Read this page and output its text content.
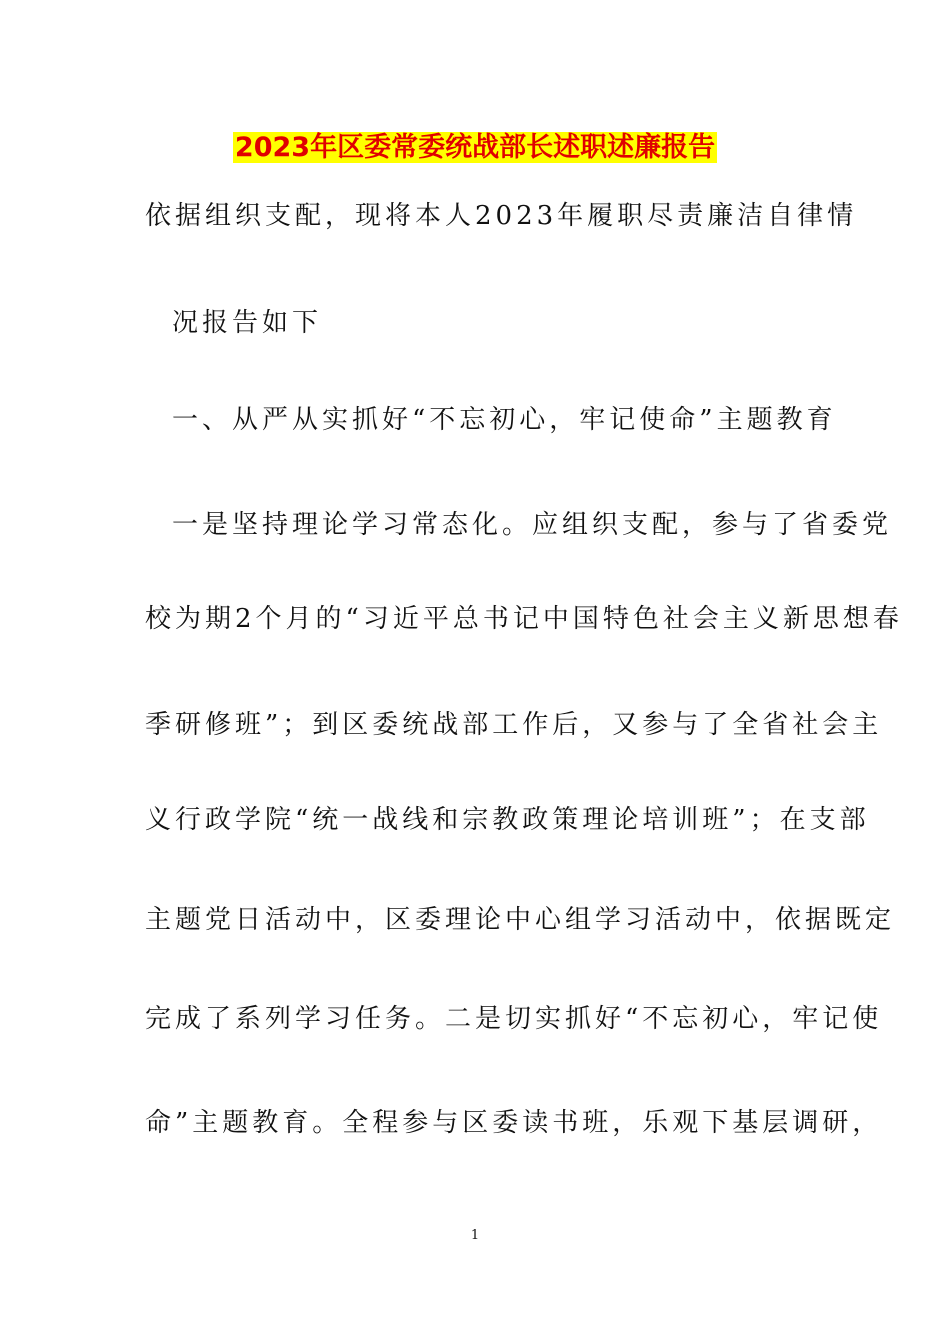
2023年区委常委统战部长述职述廉报告
依据组织支配，现将本人2023年履职尽责廉洁自律情
况报告如下
一、从严从实抓好“不忘初心，牢记使命”主题教育
一是坚持理论学习常态化。应组织支配，参与了省委党
校为期2个月的“习近平总书记中国特色社会主义新思想春
季研修班”；到区委统战部工作后，又参与了全省社会主
义行政学院“统一战线和宗教政策理论培训班”；在支部
主题党日活动中，区委理论中心组学习活动中，依据既定
完成了系列学习任务。二是切实抓好“不忘初心，牢记使
命”主题教育。全程参与区委读书班，乐观下基层调研，
1
